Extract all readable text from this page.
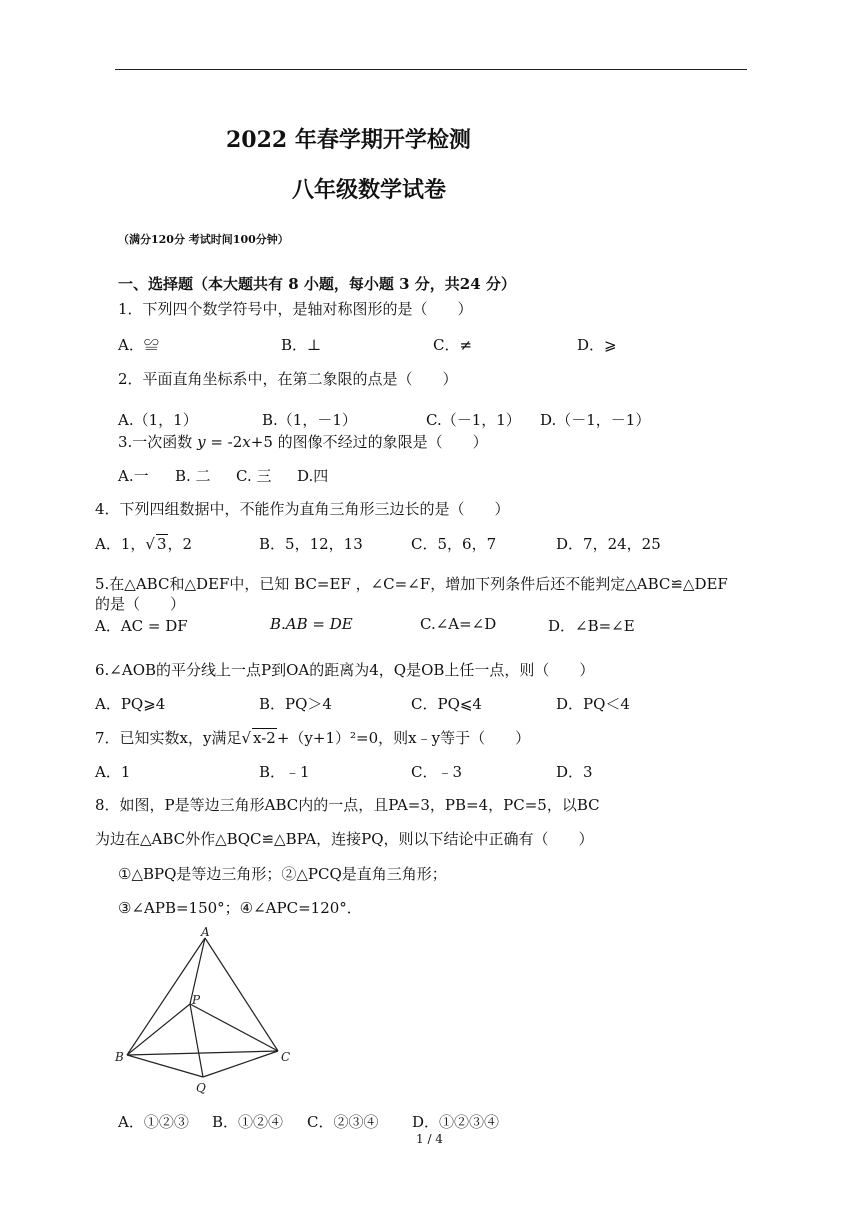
2022 年春学期开学检测
八年级数学试卷
（满分120分 考试时间100分钟）
一、选择题（本大题共有 8 小题，每小题 3 分，共24 分）
1．下列四个数学符号中，是轴对称图形的是（　　）
A．≌	B．⊥	C．≠	D．⩾
2．平面直角坐标系中，在第二象限的点是（　　）
A.（1，1）	B.（1，－1）	C.（－1，1） D.（－1，－1）
3.一次函数 y = -2x+5 的图像不经过的象限是（　　）
A.一 B. 二 C. 三 D.四
4．下列四组数据中，不能作为直角三角形三边长的是（　　）
A．1，√ 3，2	B．5，12，13	C．5，6，7	D．7，24，25
5.在△ABC和△DEF中，已知 BC=EF ，∠C=∠F，增加下列条件后还不能判定△ABC≌△DEF
的是（　　）
A．AC = DF	B.AB = DE	C.∠A=∠D	D．∠B=∠E
6.∠AOB的平分线上一点P到OA的距离为4，Q是OB上任一点，则（　　）
A．PQ⩾4	B．PQ＞4	C．PQ⩽4	D．PQ＜4
7．已知实数x，y满足√ x-2+（y+1）²=0，则x﹣y等于（　　）
A．1	B．﹣1	C．﹣3	D．3
8．如图，P是等边三角形ABC内的一点，且PA=3，PB=4，PC=5，以BC
为边在△ABC外作△BQC≌△BPA，连接PQ，则以下结论中正确有（　　）
①△BPQ是等边三角形；②△PCQ是直角三角形；
③∠APB=150°；④∠APC=120°．
A
P
B	C
Q
A．①②③ B．①②④ C．②③④ D．①②③④
1 / 4
